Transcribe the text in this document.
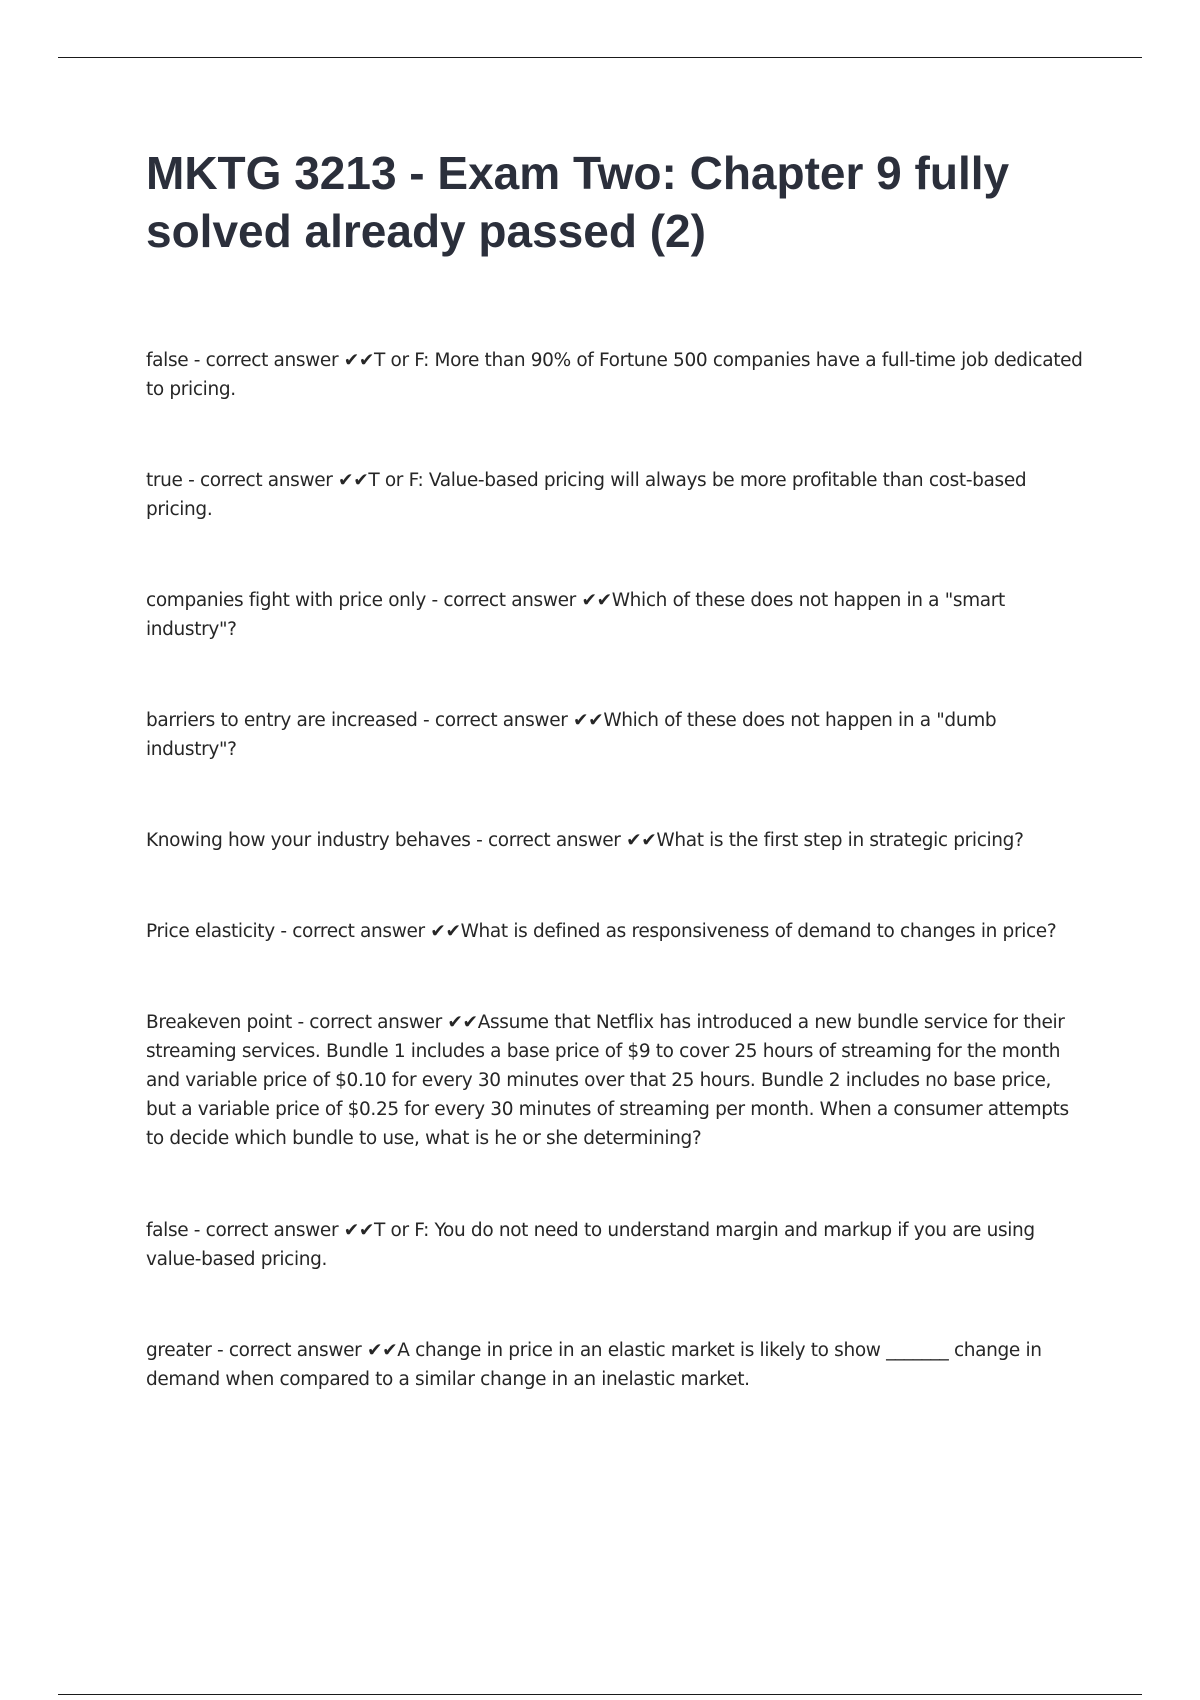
MKTG 3213 - Exam Two: Chapter 9 fully solved already passed (2)

false - correct answer ✔✔T or F: More than 90% of Fortune 500 companies have a full-time job dedicated to pricing.

true - correct answer ✔✔T or F: Value-based pricing will always be more profitable than cost-based pricing.

companies fight with price only - correct answer ✔✔Which of these does not happen in a "smart industry"?

barriers to entry are increased - correct answer ✔✔Which of these does not happen in a "dumb industry"?

Knowing how your industry behaves - correct answer ✔✔What is the first step in strategic pricing?

Price elasticity - correct answer ✔✔What is defined as responsiveness of demand to changes in price?

Breakeven point - correct answer ✔✔Assume that Netflix has introduced a new bundle service for their streaming services. Bundle 1 includes a base price of $9 to cover 25 hours of streaming for the month and variable price of $0.10 for every 30 minutes over that 25 hours. Bundle 2 includes no base price, but a variable price of $0.25 for every 30 minutes of streaming per month. When a consumer attempts to decide which bundle to use, what is he or she determining?

false - correct answer ✔✔T or F: You do not need to understand margin and markup if you are using value-based pricing.

greater - correct answer ✔✔A change in price in an elastic market is likely to show _______ change in demand when compared to a similar change in an inelastic market.
